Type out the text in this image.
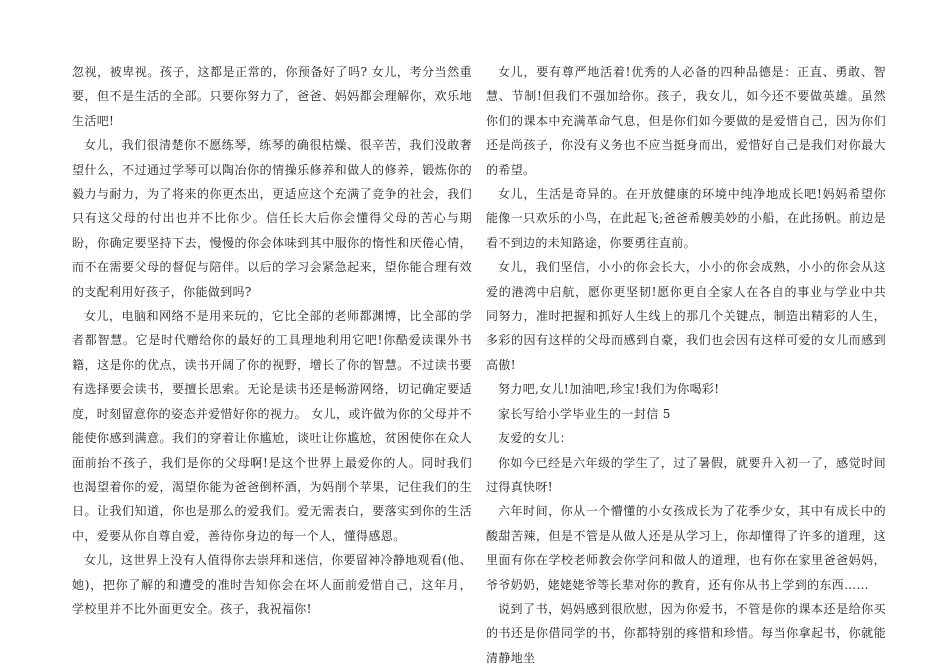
忽视，被卑视。孩子，这都是正常的，你预备好了吗? 女儿，考分当然重要，但不是生活的全部。只要你努力了，爸爸、妈妈都会理解你，欢乐地生活吧!

女儿，我们很清楚你不愿练琴，练琴的确很枯燥、很辛苦，我们没敢奢望什么，不过通过学琴可以陶冶你的情操乐修养和做人的修养，锻炼你的毅力与耐力，为了将来的你更杰出，更适应这个充满了竞争的社会，我们只有这父母的付出也并不比你少。信任长大后你会懂得父母的苦心与期盼，你确定要坚持下去，慢慢的你会体味到其中服你的惰性和厌倦心情，而不在需要父母的督促与陪伴。以后的学习会紧急起来，望你能合理有效的支配利用好孩子，你能做到吗?

女儿，电脑和网络不是用来玩的，它比全部的老师都渊博，比全部的学者都智慧。它是时代赠给你的最好的工具理地利用它吧!你酷爱读课外书籍，这是你的优点，读书开阔了你的视野，增长了你的智慧。不过读书要有选择要会读书，要擅长思索。无论是读书还是畅游网络，切记确定要适度，时刻留意你的姿态并爱惜好你的视力。 女儿，或许做为你的父母并不能使你感到满意。我们的穿着让你尴尬，谈吐让你尴尬，贫困使你在众人面前抬不孩子，我们是你的父母啊!是这个世界上最爱你的人。同时我们也渴望着你的爱，渴望你能为爸爸倒杯酒，为妈削个苹果，记住我们的生日。让我们知道，你也是那么的爱我们。爱无需表白，要落实到你的生活中，爱要从你自尊自爱，善待你身边的每一个人，懂得感恩。

女儿，这世界上没有人值得你去崇拜和迷信，你要留神冷静地观看(他、她)，把你了解的和遭受的准时告知你会在坏人面前爱惜自己，这年月，学校里并不比外面更安全。孩子，我祝福你!

女儿，要有尊严地活着!优秀的人必备的四种品德是：正直、勇敢、智慧、节制!但我们不强加给你。孩子，我女儿，如今还不要做英雄。虽然你们的课本中充满革命气息，但是你们如今要做的是爱惜自己，因为你们还是尚孩子，你没有义务也不应当挺身而出，爱惜好自己是我们对你最大的希望。

女儿，生活是奇异的。在开放健康的环境中纯净地成长吧!妈妈希望你能像一只欢乐的小鸟，在此起飞;爸爸希艘美妙的小船，在此扬帆。前边是看不到边的未知路途，你要勇往直前。

女儿，我们坚信，小小的你会长大，小小的你会成熟，小小的你会从这爱的港湾中启航，愿你更坚韧!愿你更自全家人在各自的事业与学业中共同努力，准时把握和抓好人生线上的那几个关键点，制造出精彩的人生，多彩的因有这样的父母而感到自豪，我们也会因有这样可爱的女儿而感到高傲!

努力吧,女儿!加油吧,珍宝!我们为你喝彩!

家长写给小学毕业生的一封信 5

友爱的女儿：

你如今已经是六年级的学生了，过了暑假，就要升入初一了，感觉时间过得真快呀!

六年时间，你从一个懵懂的小女孩成长为了花季少女，其中有成长中的酸甜苦辣，但是不管是从做人还是从学习上，你却懂得了许多的道理，这里面有你在学校老师教会你学问和做人的道理，也有你在家里爸爸妈妈，爷爷奶奶，姥姥姥爷等长辈对你的教育，还有你从书上学到的东西……

说到了书，妈妈感到很欣慰，因为你爱书，不管是你的课本还是给你买的书还是你借同学的书，你都特别的疼惜和珍惜。每当你拿起书，你就能清静地坐
